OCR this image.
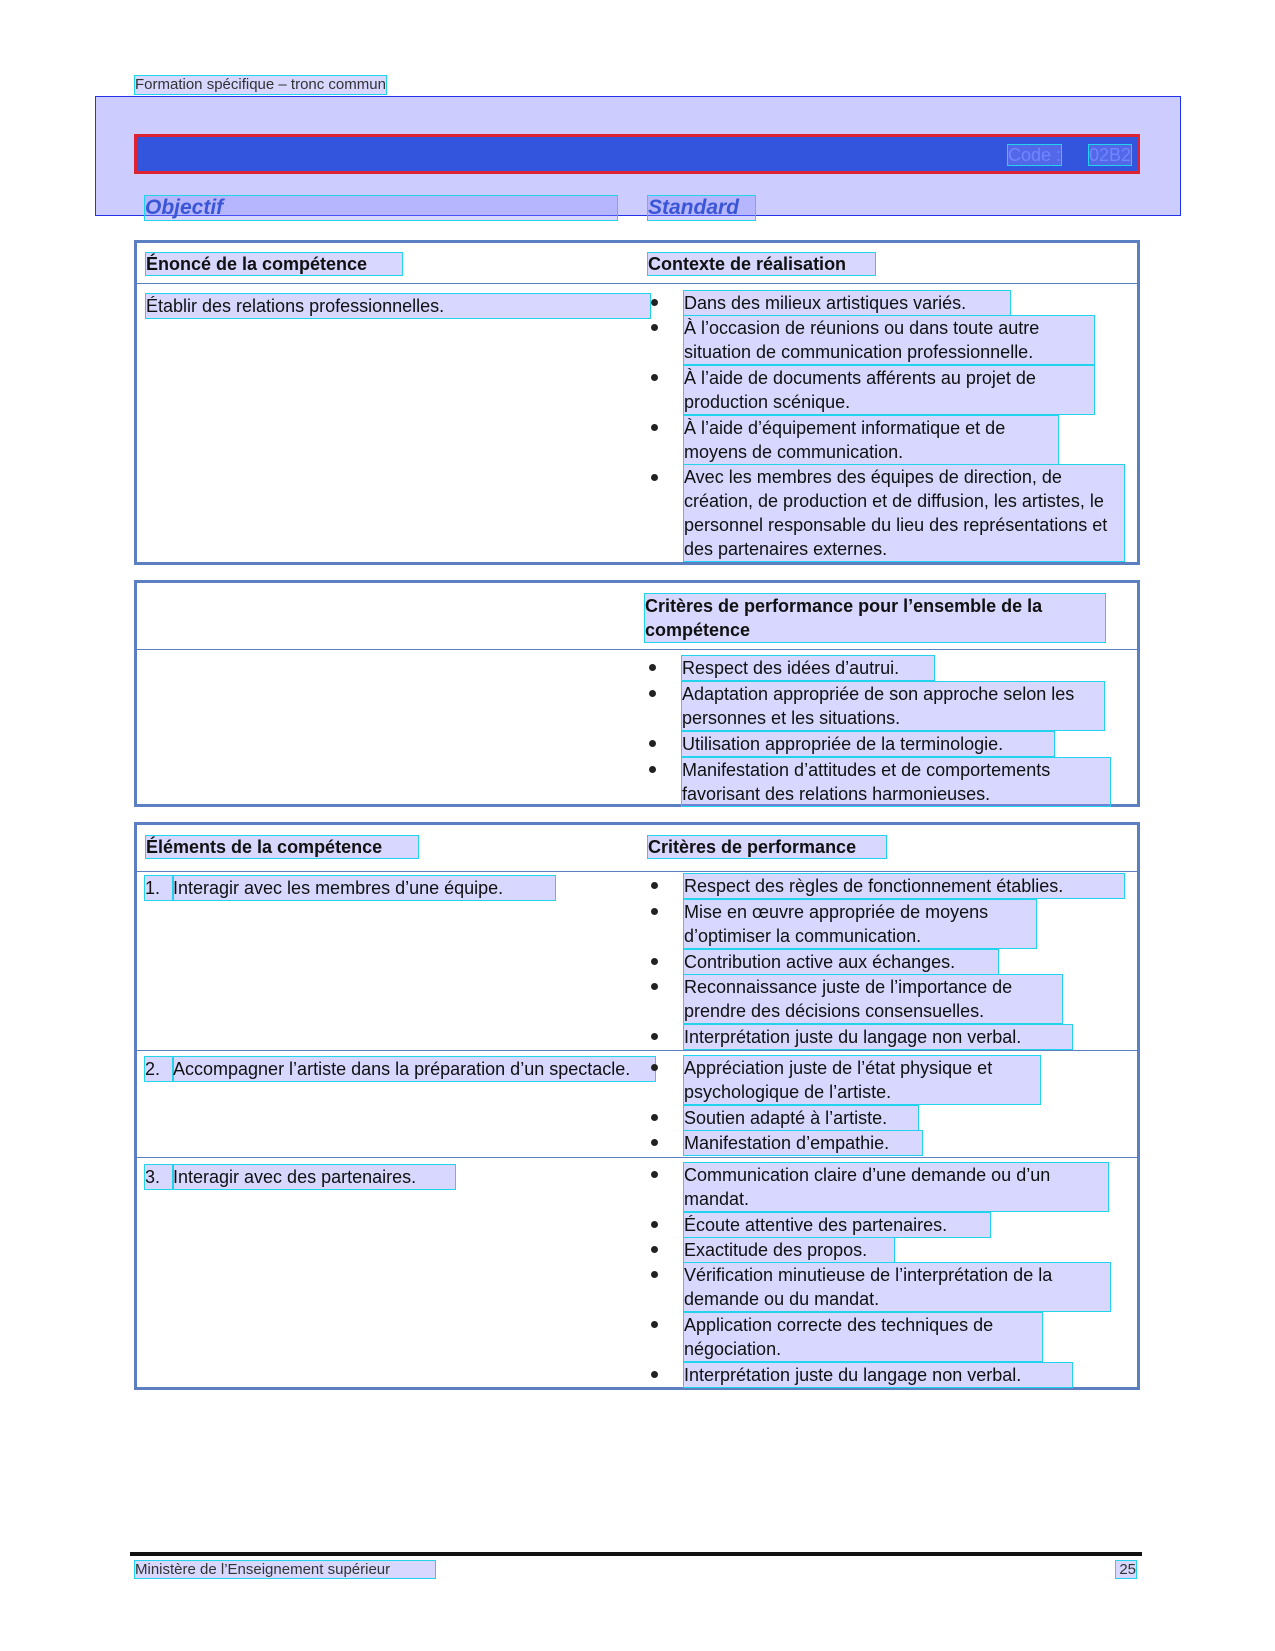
Formation spécifique – tronc commun
Code : 02B2
Objectif	Standard
Énoncé de la compétence	Contexte de réalisation
Établir des relations professionnelles.	Dans des milieux artistiques variés.
À l’occasion de réunions ou dans toute autre situation de communication professionnelle.
À l’aide de documents afférents au projet de production scénique.
À l’aide d’équipement informatique et de moyens de communication.
Avec les membres des équipes de direction, de création, de production et de diffusion, les artistes, le personnel responsable du lieu des représentations et des partenaires externes.
Critères de performance pour l’ensemble de la compétence
Respect des idées d’autrui.
Adaptation appropriée de son approche selon les personnes et les situations.
Utilisation appropriée de la terminologie.
Manifestation d’attitudes et de comportements favorisant des relations harmonieuses.
Éléments de la compétence	Critères de performance
1. Interagir avec les membres d’une équipe.	Respect des règles de fonctionnement établies.
Mise en œuvre appropriée de moyens d’optimiser la communication.
Contribution active aux échanges.
Reconnaissance juste de l’importance de prendre des décisions consensuelles.
Interprétation juste du langage non verbal.
2. Accompagner l’artiste dans la préparation d’un spectacle.	Appréciation juste de l’état physique et psychologique de l’artiste.
Soutien adapté à l’artiste.
Manifestation d’empathie.
3. Interagir avec des partenaires.	Communication claire d’une demande ou d’un mandat.
Écoute attentive des partenaires.
Exactitude des propos.
Vérification minutieuse de l’interprétation de la demande ou du mandat.
Application correcte des techniques de négociation.
Interprétation juste du langage non verbal.
Ministère de l’Enseignement supérieur	25
